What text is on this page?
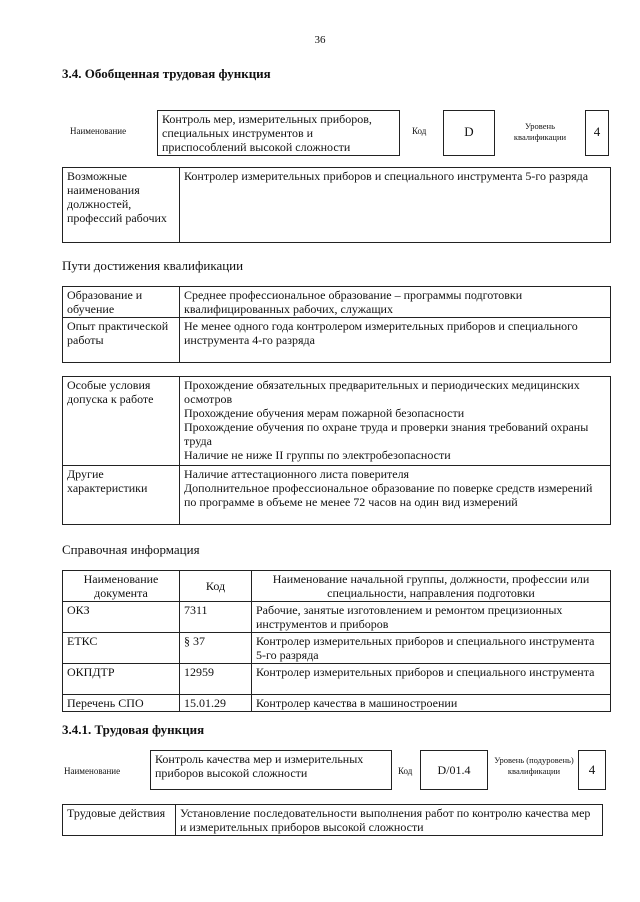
36
3.4. Обобщенная трудовая функция
Наименование
Контроль мер, измерительных приборов, специальных инструментов и приспособлений высокой сложности
Код	D	Уровень квалификации	4
Возможные наименования должностей, профессий рабочих	Контролер измерительных приборов и специального инструмента 5-го разряда
Пути достижения квалификации
Образование и обучение	Среднее профессиональное образование – программы подготовки квалифицированных рабочих, служащих
Опыт практической работы	Не менее одного года контролером измерительных приборов и специального инструмента 4-го разряда
Особые условия допуска к работе	Прохождение обязательных предварительных и периодических медицинских осмотров
Прохождение обучения мерам пожарной безопасности
Прохождение обучения по охране труда и проверки знания требований охраны труда
Наличие не ниже II группы по электробезопасности

Другие характеристики	Наличие аттестационного листа поверителя
Дополнительное профессиональное образование по поверке средств измерений по программе в объеме не менее 72 часов на один вид измерений
Справочная информация
Наименование документа	Код	Наименование начальной группы, должности, профессии или специальности, направления подготовки
ОКЗ	7311	Рабочие, занятые изготовлением и ремонтом прецизионных инструментов и приборов
ЕТКС	§ 37	Контролер измерительных приборов и специального инструмента 5-го разряда
ОКПДТР	12959	Контролер измерительных приборов и специального инструмента
Перечень СПО	15.01.29	Контролер качества в машиностроении
3.4.1. Трудовая функция
Наименование
Контроль качества мер и измерительных приборов высокой сложности	Код	D/01.4
Уровень (подуровень) квалификации	4
Трудовые действия	Установление последовательности выполнения работ по контролю качества мер и измерительных приборов высокой сложности
